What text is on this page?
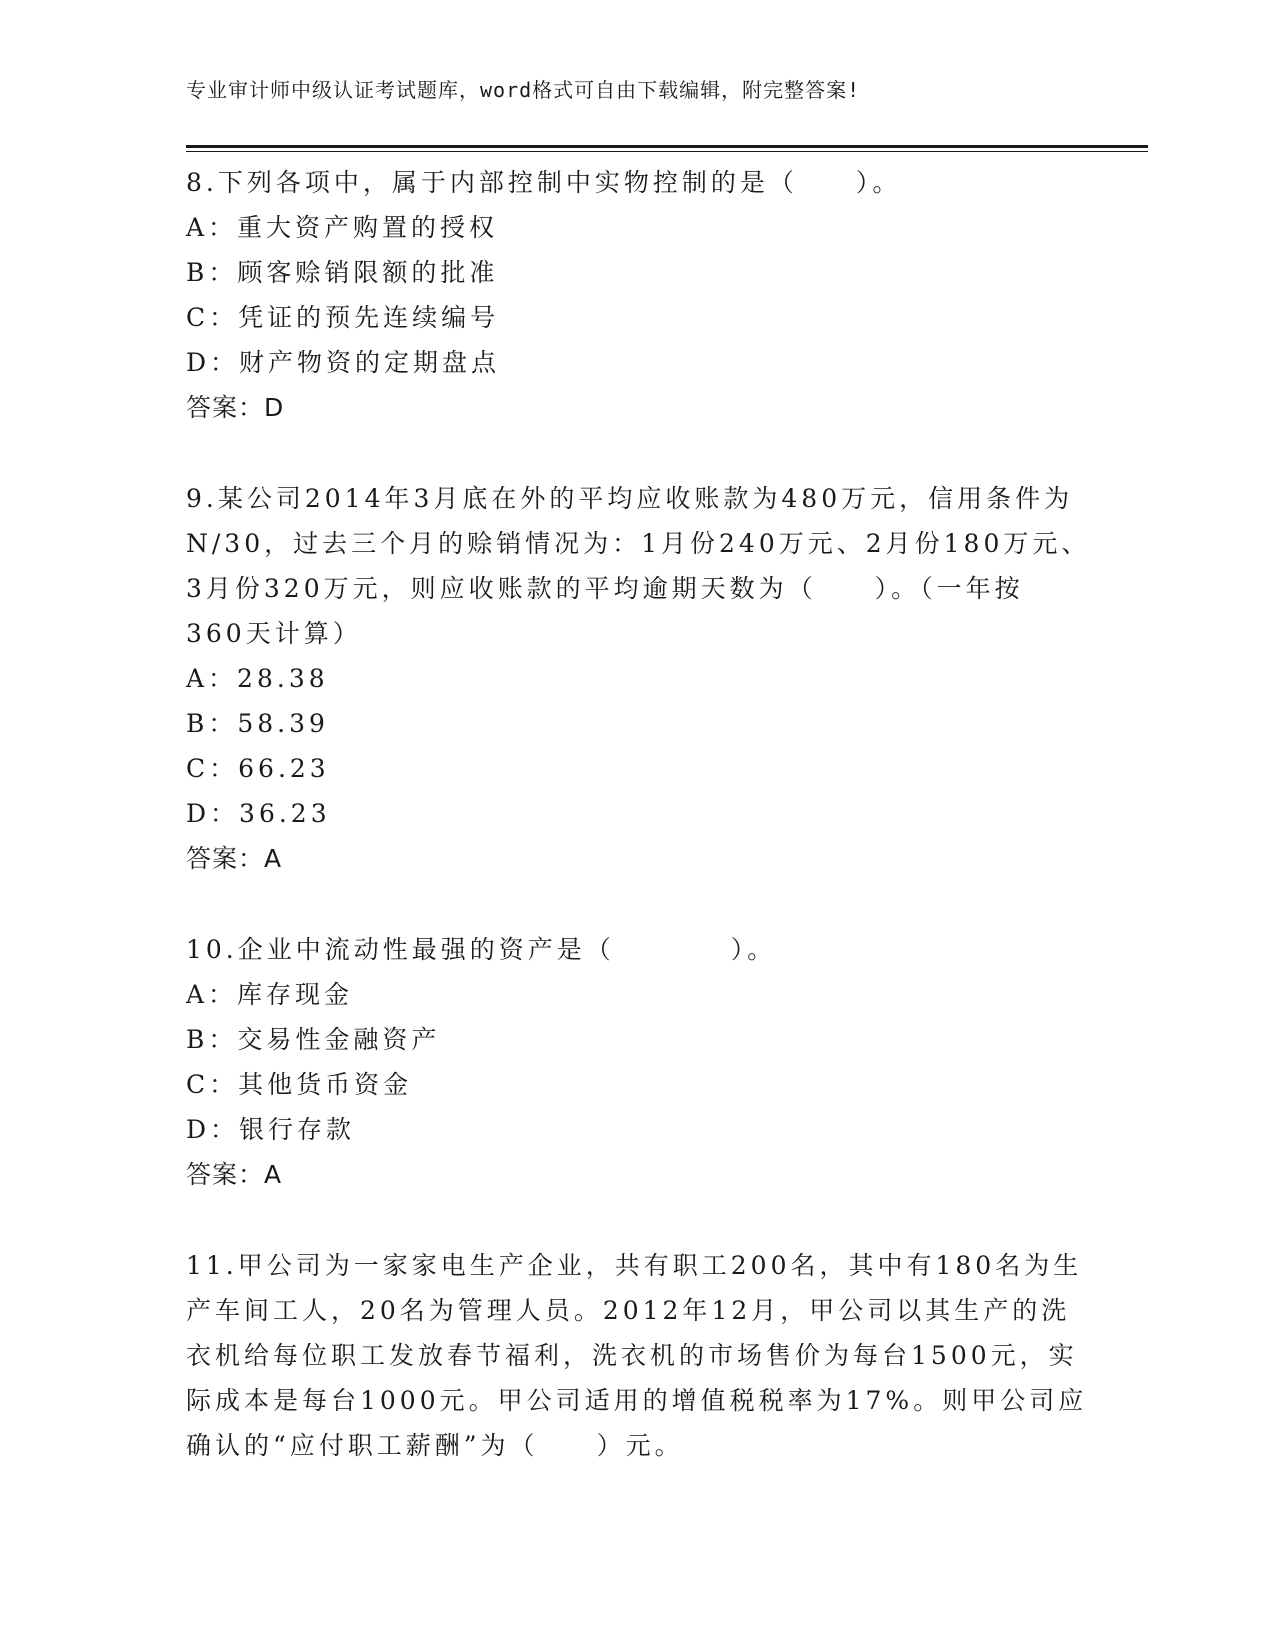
专业审计师中级认证考试题库，word格式可自由下载编辑，附完整答案!
8.下列各项中，属于内部控制中实物控制的是（　　）。
A：重大资产购置的授权
B：顾客赊销限额的批准
C：凭证的预先连续编号
D：财产物资的定期盘点
答案：D
9.某公司2014年3月底在外的平均应收账款为480万元，信用条件为
N/30，过去三个月的赊销情况为：1月份240万元、2月份180万元、
3月份320万元，则应收账款的平均逾期天数为（　　）。（一年按
360天计算）
A：28.38
B：58.39
C：66.23
D：36.23
答案：A
10.企业中流动性最强的资产是（　　　　）。
A：库存现金
B：交易性金融资产
C：其他货币资金
D：银行存款
答案：A
11.甲公司为一家家电生产企业，共有职工200名，其中有180名为生
产车间工人，20名为管理人员。2012年12月，甲公司以其生产的洗
衣机给每位职工发放春节福利，洗衣机的市场售价为每台1500元，实
际成本是每台1000元。甲公司适用的增值税税率为17%。则甲公司应
确认的“应付职工薪酬”为（　　）元。
